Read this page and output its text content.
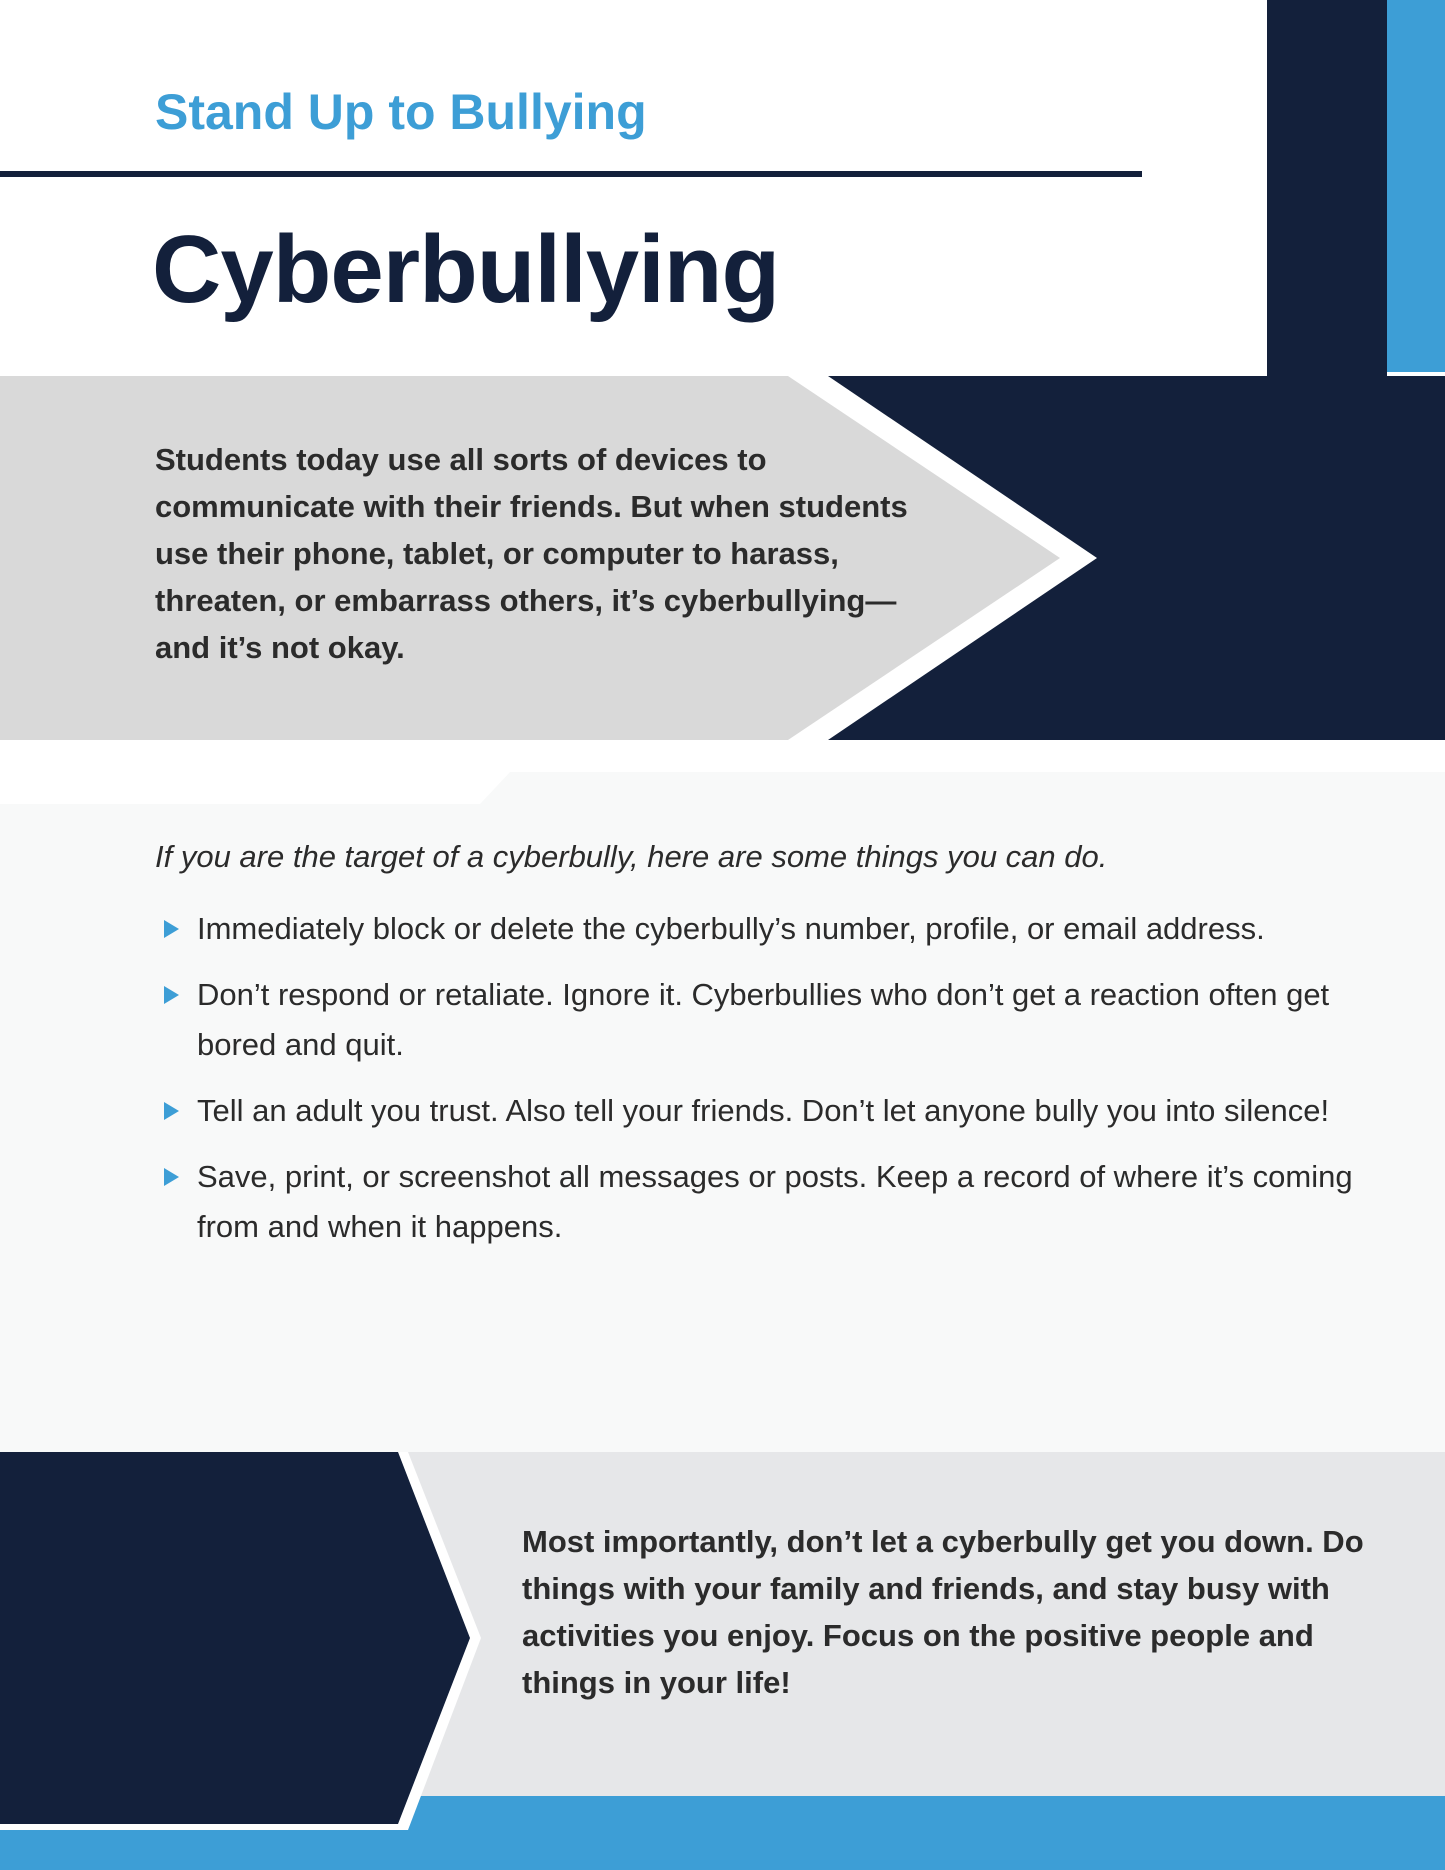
Stand Up to Bullying
Cyberbullying

Students today use all sorts of devices to communicate with their friends. But when students use their phone, tablet, or computer to harass, threaten, or embarrass others, it’s cyberbullying—and it’s not okay.

If you are the target of a cyberbully, here are some things you can do.

Immediately block or delete the cyberbully’s number, profile, or email address.
Don’t respond or retaliate. Ignore it. Cyberbullies who don’t get a reaction often get bored and quit.
Tell an adult you trust. Also tell your friends. Don’t let anyone bully you into silence!
Save, print, or screenshot all messages or posts. Keep a record of where it’s coming from and when it happens.

Most importantly, don’t let a cyberbully get you down. Do things with your family and friends, and stay busy with activities you enjoy. Focus on the positive people and things in your life!
